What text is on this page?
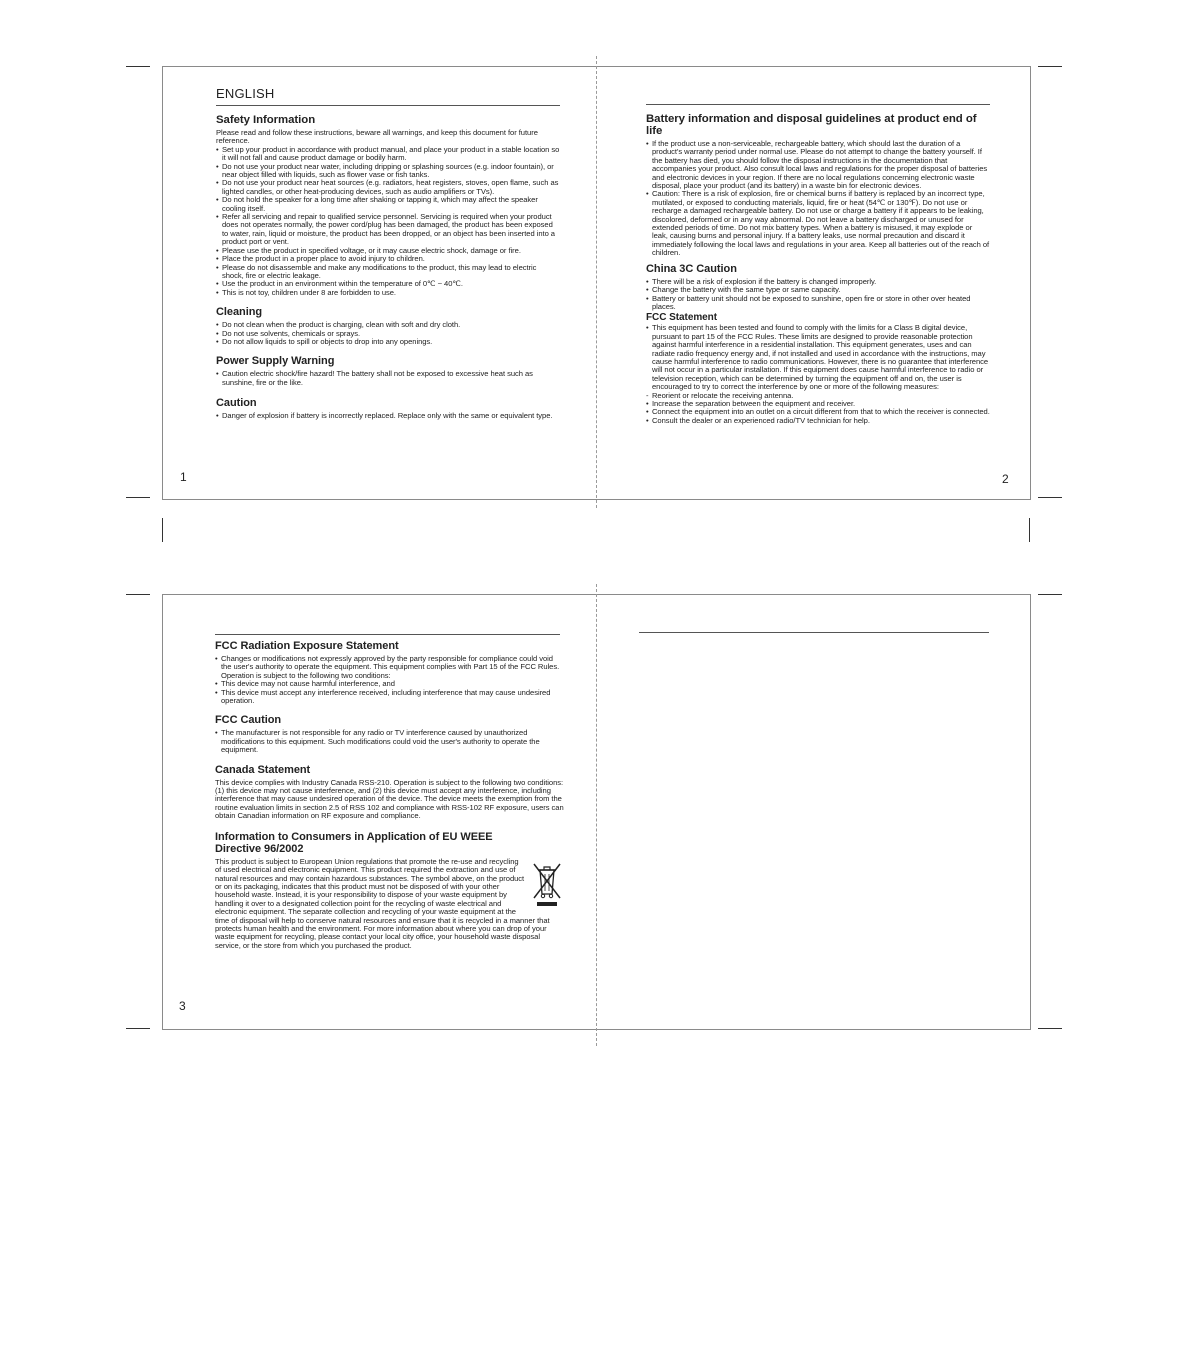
ENGLISH
Safety Information

Please read and follow these instructions, beware all warnings, and keep this document for future reference.

• Set up your product in accordance with product manual, and place your product in a stable location so it will not fall and cause product damage or bodily harm.
• Do not use your product near water, including dripping or splashing sources (e.g. indoor fountain), or near object filled with liquids, such as flower vase or fish tanks.
• Do not use your product near heat sources (e.g. radiators, heat registers, stoves, open flame, such as lighted candles, or other heat-producing devices, such as audio amplifiers or TVs).
• Do not hold the speaker for a long time after shaking or tapping it, which may affect the speaker cooling itself.
• Refer all servicing and repair to qualified service personnel. Servicing is required when your product does not operates normally, the power cord/plug has been damaged, the product has been exposed to water, rain, liquid or moisture, the product has been dropped, or an object has been inserted into a product port or vent.
• Please use the product in specified voltage, or it may cause electric shock, damage or fire.
• Place the product in a proper place to avoid injury to children.
• Please do not disassemble and make any modifications to the product, this may lead to electric shock, fire or electric leakage.
• Use the product in an environment within the temperature of 0℃ ~ 40℃.
• This is not toy, children under 8 are forbidden to use.
Cleaning
• Do not clean when the product is charging, clean with soft and dry cloth.
• Do not use solvents, chemicals or sprays.
• Do not allow liquids to spill or objects to drop into any openings.
Power Supply Warning
• Caution electric shock/fire hazard! The battery shall not be exposed to excessive heat such as sunshine, fire or the like.
Caution
• Danger of explosion if battery is incorrectly replaced. Replace only with the same or equivalent type.
1
Battery information and disposal guidelines at product end of life
• If the product use a non-serviceable, rechargeable battery, which should last the duration of a product's warranty period under normal use. Please do not attempt to change the battery yourself. If the battery has died, you should follow the disposal instructions in the documentation that accompanies your product. Also consult local laws and regulations for the proper disposal of batteries and electronic devices in your region. If there are no local regulations concerning electronic waste disposal, place your product (and its battery) in a waste bin for electronic devices.
• Caution: There is a risk of explosion, fire or chemical burns if battery is replaced by an incorrect type, mutilated, or exposed to conducting materials, liquid, fire or heat (54℃ or 130℉). Do not use or recharge a damaged rechargeable battery. Do not use or charge a battery if it appears to be leaking, discolored, deformed or in any way abnormal. Do not leave a battery discharged or unused for extended periods of time. Do not mix battery types. When a battery is misused, it may explode or leak, causing burns and personal injury. If a battery leaks, use normal precaution and discard it immediately following the local laws and regulations in your area. Keep all batteries out of the reach of children.
China 3C Caution
• There will be a risk of explosion if the battery is changed improperly.
• Change the battery with the same type or same capacity.
• Battery or battery unit should not be exposed to sunshine, open fire or store in other over heated places.
FCC Statement
• This equipment has been tested and found to comply with the limits for a Class B digital device, pursuant to part 15 of the FCC Rules. These limits are designed to provide reasonable protection against harmful interference in a residential installation. This equipment generates, uses and can radiate radio frequency energy and, if not installed and used in accordance with the instructions, may cause harmful interference to radio communications. However, there is no guarantee that interference will not occur in a particular installation. If this equipment does cause harmful interference to radio or television reception, which can be determined by turning the equipment off and on, the user is encouraged to try to correct the interference by one or more of the following measures:
- Reorient or relocate the receiving antenna.
• Increase the separation between the equipment and receiver.
• Connect the equipment into an outlet on a circuit different from that to which the receiver is connected.
• Consult the dealer or an experienced radio/TV technician for help.
2
FCC Radiation Exposure Statement
• Changes or modifications not expressly approved by the party responsible for compliance could void the user's authority to operate the equipment. This equipment complies with Part 15 of the FCC Rules. Operation is subject to the following two conditions:
• This device may not cause harmful interference, and
• This device must accept any interference received, including interference that may cause undesired operation.
FCC Caution
• The manufacturer is not responsible for any radio or TV interference caused by unauthorized modifications to this equipment. Such modifications could void the user's authority to operate the equipment.
Canada Statement

This device complies with Industry Canada RSS-210. Operation is subject to the following two conditions: (1) this device may not cause interference, and (2) this device must accept any interference, including interference that may cause undesired operation of the device. The device meets the exemption from the routine evaluation limits in section 2.5 of RSS 102 and compliance with RSS-102 RF exposure, users can obtain Canadian information on RF exposure and compliance.

Information to Consumers in Application of EU WEEE Directive 96/2002

This product is subject to European Union regulations that promote the re-use and recycling of used electrical and electronic equipment. This product required the extraction and use of natural resources and may contain hazardous substances. The symbol above, on the product or on its packaging, indicates that this product must not be disposed of with your other household waste. Instead, it is your responsibility to dispose of your waste equipment by handling it over to a designated collection point for the recycling of waste electrical and electronic equipment. The separate collection and recycling of your waste equipment at the time of disposal will help to conserve natural resources and ensure that it is recycled in a manner that protects human health and the environment. For more information about where you can drop of your waste equipment for recycling, please contact your local city office, your household waste disposal service, or the store from which you purchased the product.

3
